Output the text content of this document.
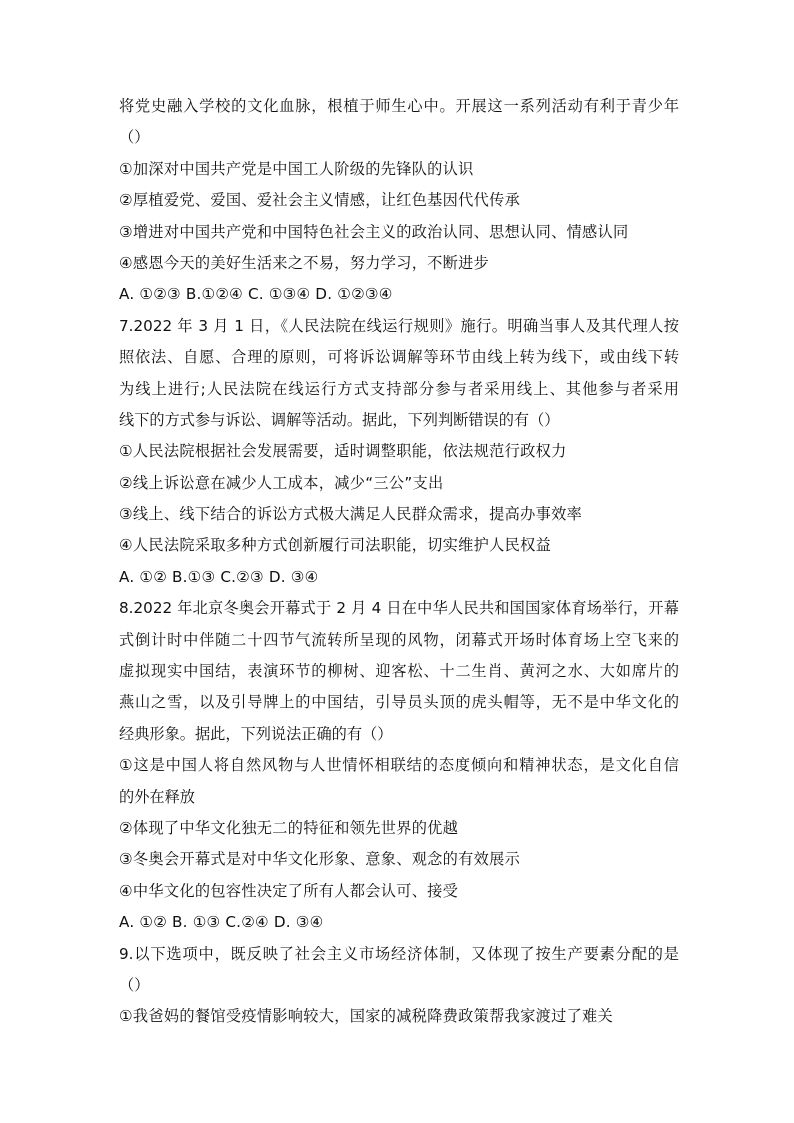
将党史融入学校的文化血脉，根植于师生心中。开展这一系列活动有利于青少年
（）
①加深对中国共产党是中国工人阶级的先锋队的认识
②厚植爱党、爱国、爱社会主义情感，让红色基因代代传承
③增进对中国共产党和中国特色社会主义的政治认同、思想认同、情感认同
④感恩今天的美好生活来之不易，努力学习，不断进步
A. ①②③ B.①②④ C. ①③④ D. ①②③④
7.2022 年 3 月 1 日，《人民法院在线运行规则》施行。明确当事人及其代理人按
照依法、自愿、合理的原则，可将诉讼调解等环节由线上转为线下，或由线下转
为线上进行;人民法院在线运行方式支持部分参与者采用线上、其他参与者采用
线下的方式参与诉讼、调解等活动。据此，下列判断错误的有（）
①人民法院根据社会发展需要，适时调整职能，依法规范行政权力
②线上诉讼意在减少人工成本，减少“三公”支出
③线上、线下结合的诉讼方式极大满足人民群众需求，提高办事效率
④人民法院采取多种方式创新履行司法职能，切实维护人民权益
A. ①② B.①③ C.②③ D. ③④
8.2022 年北京冬奥会开幕式于 2 月 4 日在中华人民共和国国家体育场举行，开幕
式倒计时中伴随二十四节气流转所呈现的风物，闭幕式开场时体育场上空飞来的
虚拟现实中国结，表演环节的柳树、迎客松、十二生肖、黄河之水、大如席片的
燕山之雪，以及引导牌上的中国结，引导员头顶的虎头帽等，无不是中华文化的
经典形象。据此，下列说法正确的有（）
①这是中国人将自然风物与人世情怀相联结的态度倾向和精神状态，是文化自信
的外在释放
②体现了中华文化独无二的特征和领先世界的优越
③冬奥会开幕式是对中华文化形象、意象、观念的有效展示
④中华文化的包容性决定了所有人都会认可、接受
A. ①② B. ①③ C.②④ D. ③④
9.以下选项中，既反映了社会主义市场经济体制，又体现了按生产要素分配的是
（）
①我爸妈的餐馆受疫情影响较大，国家的减税降费政策帮我家渡过了难关
